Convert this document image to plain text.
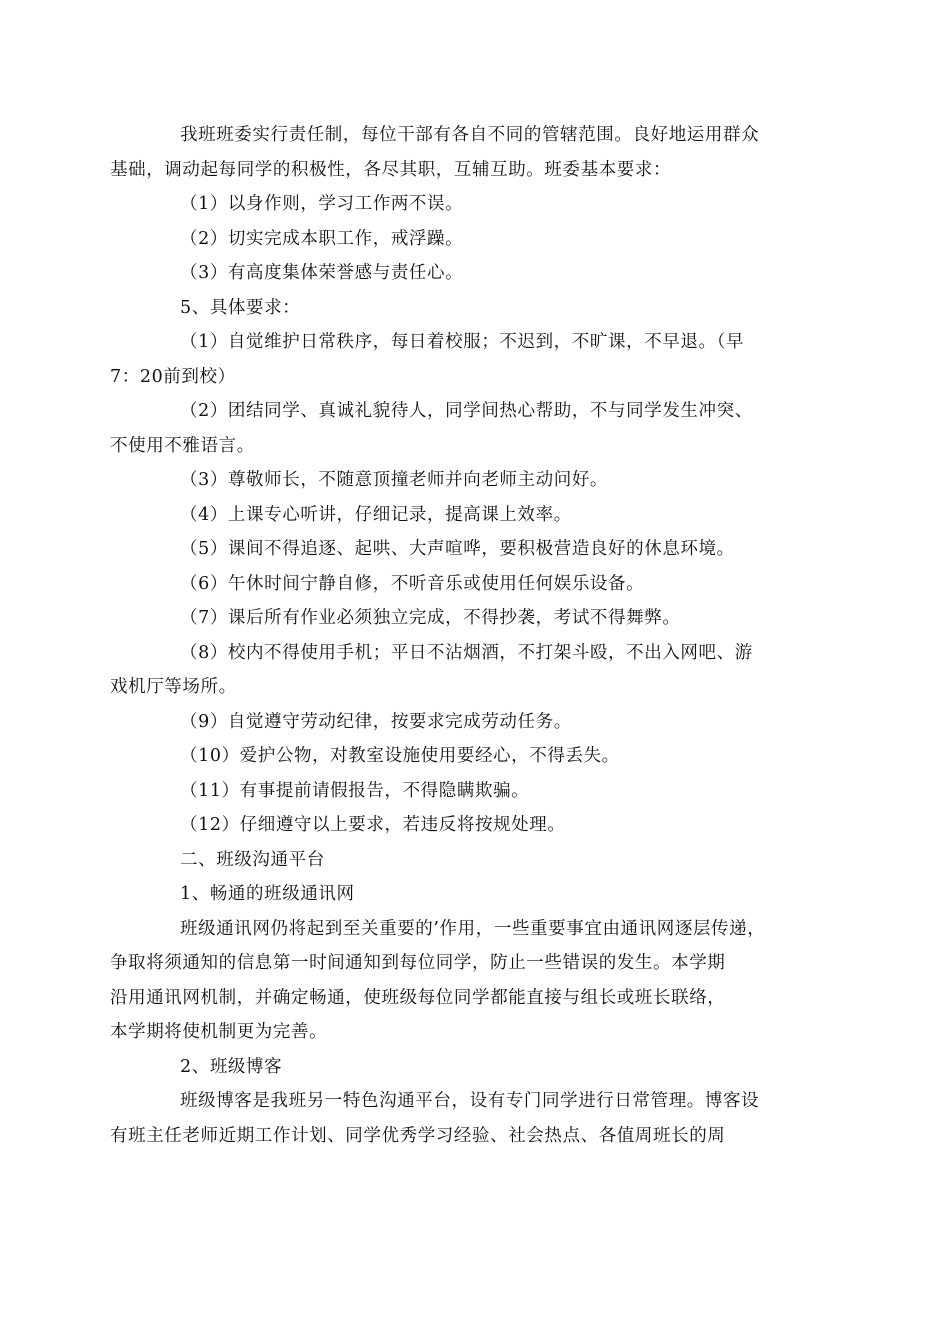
我班班委实行责任制，每位干部有各自不同的管辖范围。良好地运用群众
基础，调动起每同学的积极性，各尽其职，互辅互助。班委基本要求：

（1）以身作则，学习工作两不误。

（2）切实完成本职工作，戒浮躁。

（3）有高度集体荣誉感与责任心。

5、具体要求：

（1）自觉维护日常秩序，每日着校服；不迟到，不旷课，不早退。（早
7：20前到校）

（2）团结同学、真诚礼貌待人，同学间热心帮助，不与同学发生冲突、
不使用不雅语言。

（3）尊敬师长，不随意顶撞老师并向老师主动问好。

（4）上课专心听讲，仔细记录，提高课上效率。

（5）课间不得追逐、起哄、大声喧哗，要积极营造良好的休息环境。

（6）午休时间宁静自修，不听音乐或使用任何娱乐设备。

（7）课后所有作业必须独立完成，不得抄袭，考试不得舞弊。

（8）校内不得使用手机；平日不沾烟酒，不打架斗殴，不出入网吧、游
戏机厅等场所。

（9）自觉遵守劳动纪律，按要求完成劳动任务。

（10）爱护公物，对教室设施使用要经心，不得丢失。

（11）有事提前请假报告，不得隐瞒欺骗。

（12）仔细遵守以上要求，若违反将按规处理。

二、班级沟通平台

1、畅通的班级通讯网

班级通讯网仍将起到至关重要的’作用，一些重要事宜由通讯网逐层传递，
争取将须通知的信息第一时间通知到每位同学，防止一些错误的发生。本学期
沿用通讯网机制，并确定畅通，使班级每位同学都能直接与组长或班长联络，
本学期将使机制更为完善。

2、班级博客

班级博客是我班另一特色沟通平台，设有专门同学进行日常管理。博客设
有班主任老师近期工作计划、同学优秀学习经验、社会热点、各值周班长的周
